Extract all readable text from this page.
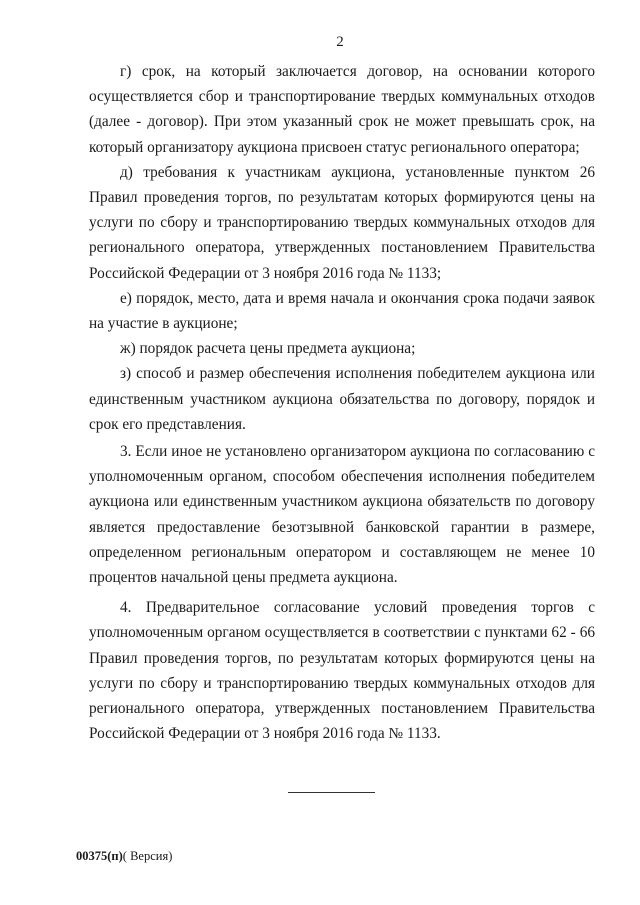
2

г) срок, на который заключается договор, на основании которого осуществляется сбор и транспортирование твердых коммунальных отходов (далее - договор). При этом указанный срок не может превышать срок, на который организатору аукциона присвоен статус регионального оператора;

д) требования к участникам аукциона, установленные пунктом 26 Правил проведения торгов, по результатам которых формируются цены на услуги по сбору и транспортированию твердых коммунальных отходов для регионального оператора, утвержденных постановлением Правительства Российской Федерации от 3 ноября 2016 года № 1133;

е) порядок, место, дата и время начала и окончания срока подачи заявок на участие в аукционе;

ж) порядок расчета цены предмета аукциона;

з) способ и размер обеспечения исполнения победителем аукциона или единственным участником аукциона обязательства по договору, порядок и срок его представления.

3. Если иное не установлено организатором аукциона по согласованию с уполномоченным органом, способом обеспечения исполнения победителем аукциона или единственным участником аукциона обязательств по договору является предоставление безотзывной банковской гарантии в размере, определенном региональным оператором и составляющем не менее 10 процентов начальной цены предмета аукциона.

4. Предварительное согласование условий проведения торгов с уполномоченным органом осуществляется в соответствии с пунктами 62 - 66 Правил проведения торгов, по результатам которых формируются цены на услуги по сбору и транспортированию твердых коммунальных отходов для регионального оператора, утвержденных постановлением Правительства Российской Федерации от 3 ноября 2016 года № 1133.

00375(п)( Версия)
